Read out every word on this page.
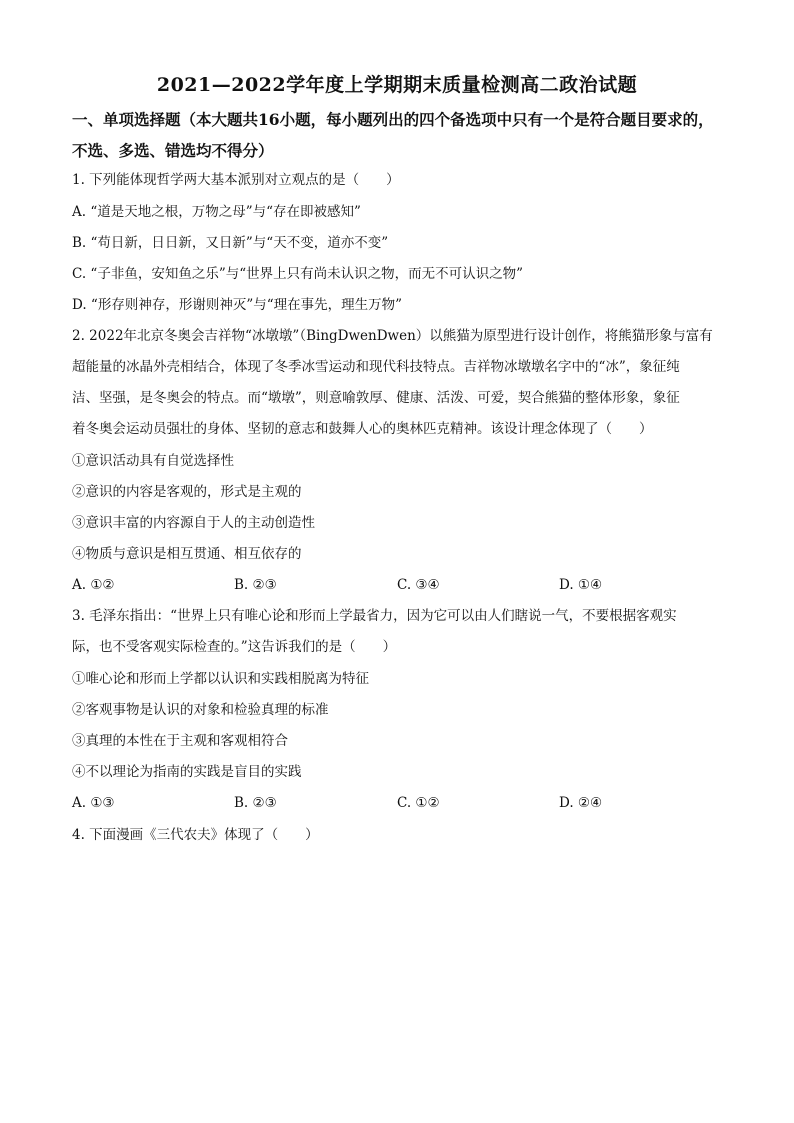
2021—2022学年度上学期期末质量检测高二政治试题
一、单项选择题（本大题共16小题，每小题列出的四个备选项中只有一个是符合题目要求的，不选、多选、错选均不得分）
1. 下列能体现哲学两大基本派别对立观点的是（　　）
A. “道是天地之根，万物之母”与“存在即被感知”
B. “苟日新，日日新，又日新”与“天不变，道亦不变”
C. “子非鱼，安知鱼之乐”与“世界上只有尚未认识之物，而无不可认识之物”
D. “形存则神存，形谢则神灭”与“理在事先，理生万物”
2. 2022年北京冬奥会吉祥物“冰墩墩”（BingDwenDwen）以熊猫为原型进行设计创作，将熊猫形象与富有
超能量的冰晶外壳相结合，体现了冬季冰雪运动和现代科技特点。吉祥物冰墩墩名字中的“冰”，象征纯
洁、坚强，是冬奥会的特点。而“墩墩”，则意喻敦厚、健康、活泼、可爱，契合熊猫的整体形象，象征
着冬奥会运动员强壮的身体、坚韧的意志和鼓舞人心的奥林匹克精神。该设计理念体现了（　　）
①意识活动具有自觉选择性
②意识的内容是客观的，形式是主观的
③意识丰富的内容源自于人的主动创造性
④物质与意识是相互贯通、相互依存的
A. ①②	B. ②③	C. ③④	D. ①④
3. 毛泽东指出：“世界上只有唯心论和形而上学最省力，因为它可以由人们瞎说一气，不要根据客观实
际，也不受客观实际检查的。”这告诉我们的是（　　）
①唯心论和形而上学都以认识和实践相脱离为特征
②客观事物是认识的对象和检验真理的标准
③真理的本性在于主观和客观相符合
④不以理论为指南的实践是盲目的实践
A. ①③	B. ②③	C. ①②	D. ②④
4. 下面漫画《三代农夫》体现了（　　）
